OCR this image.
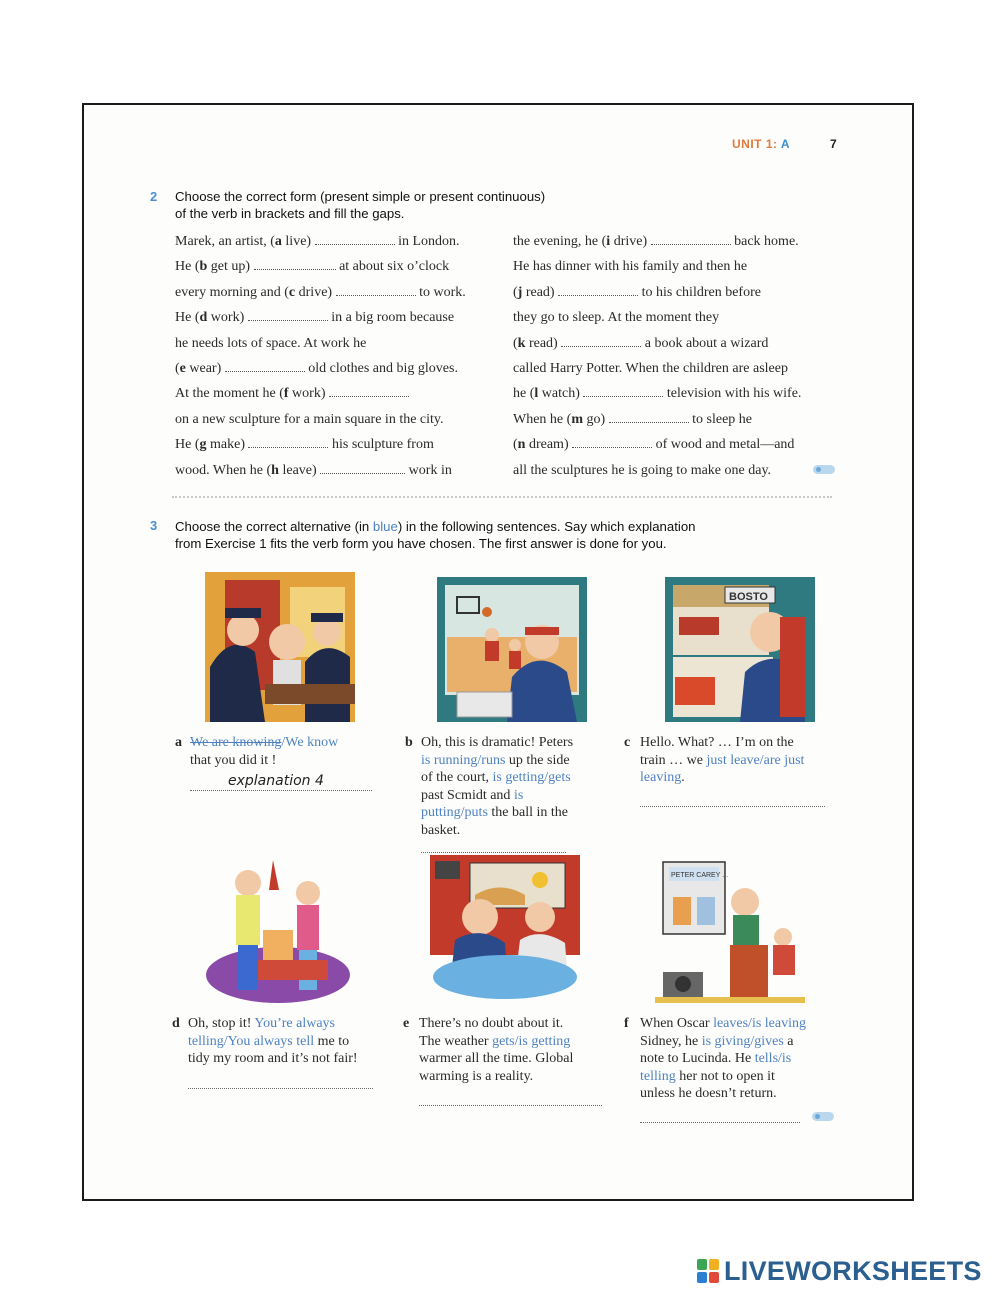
UNIT 1: A	7
2 Choose the correct form (present simple or present continuous)
of the verb in brackets and fill the gaps.
Marek, an artist, (a live)	in London.
He (b get up)	at about six o’clock
every morning and (c drive)	to work.
He (d work)	in a big room because
he needs lots of space. At work he
(e wear)	old clothes and big gloves.
At the moment he (f work)
on a new sculpture for a main square in the city.
He (g make)	his sculpture from
wood. When he (h leave)	work in
the evening, he (i drive)	back home.
He has dinner with his family and then he
(j read)	to his children before
they go to sleep. At the moment they
(k read)	a book about a wizard
called Harry Potter. When the children are asleep
he (l watch)	television with his wife.
When he (m go)	to sleep he
(n dream)	of wood and metal—and
all the sculptures he is going to make one day.
3 Choose the correct alternative (in blue) in the following sentences. Say which explanation
from Exercise 1 fits the verb form you have chosen. The first answer is done for you.
BOSTO
a We are knowing/We know
that you did it !
explanation 4
b Oh, this is dramatic! Peters
is running/runs up the side
of the court, is getting/gets
past Scmidt and is
putting/puts the ball in the
basket.
c Hello. What? … I’m on the
train … we just leave/are just
leaving.
PETER CAREY ...
d Oh, stop it! You’re always
telling/You always tell me to
tidy my room and it’s not fair!
e There’s no doubt about it.
The weather gets/is getting
warmer all the time. Global
warming is a reality.
f When Oscar leaves/is leaving
Sidney, he is giving/gives a
note to Lucinda. He tells/is
telling her not to open it
unless he doesn’t return.
LIVEWORKSHEETS
